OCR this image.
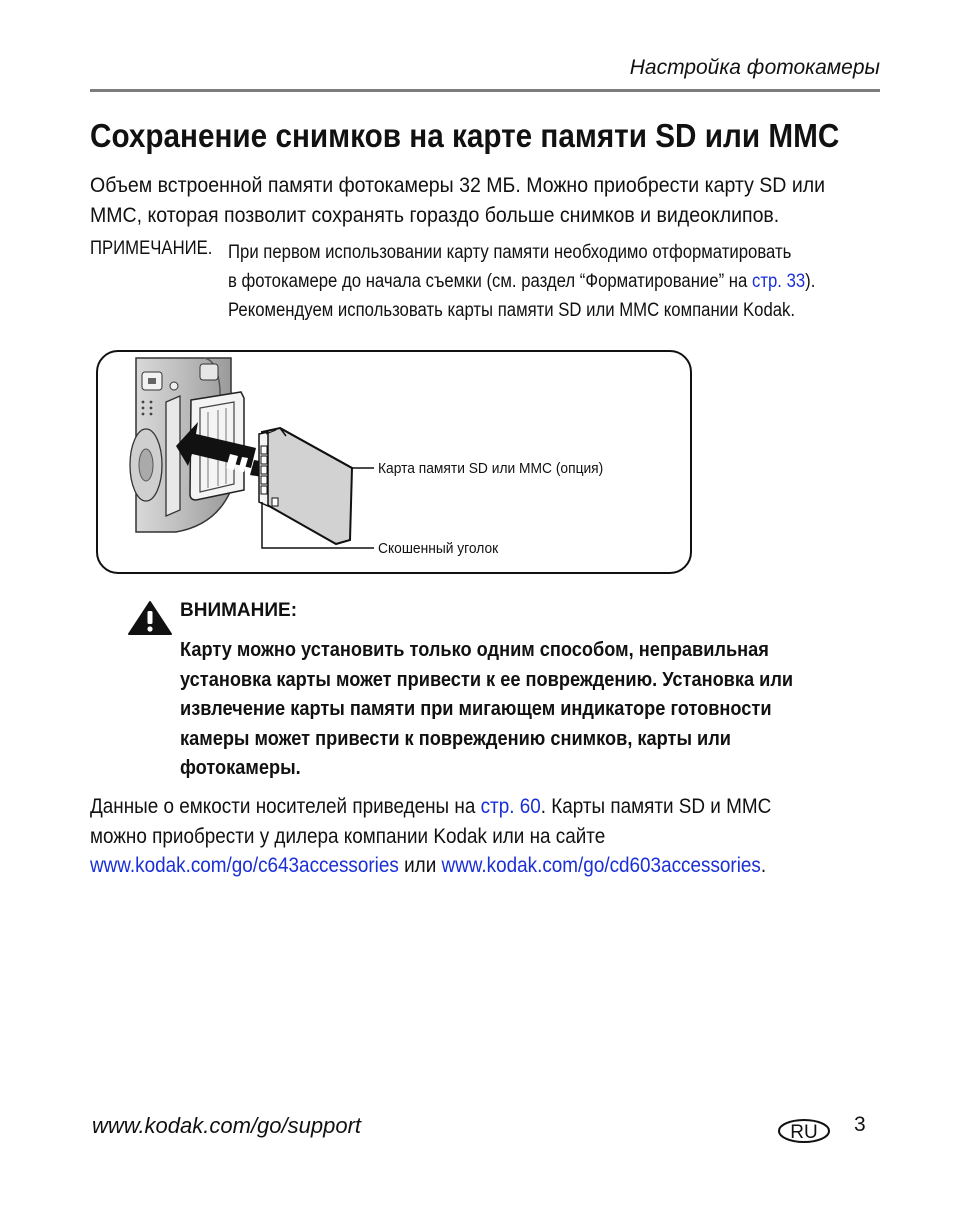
Настройка фотокамеры
Сохранение снимков на карте памяти SD или MMC
Объем встроенной памяти фотокамеры 32 МБ. Можно приобрести карту SD или
MMC, которая позволит сохранять гораздо больше снимков и видеоклипов.
ПРИМЕЧАНИЕ. При первом использовании карту памяти необходимо отформатировать
в фотокамере до начала съемки (см. раздел “Форматирование” на стр. 33).
Рекомендуем использовать карты памяти SD или MMC компании Kodak.
Карта памяти SD или MMC (опция)
Скошенный уголок
ВНИМАНИЕ:
Карту можно установить только одним способом, неправильная
установка карты может привести к ее повреждению. Установка или
извлечение карты памяти при мигающем индикаторе готовности
камеры может привести к повреждению снимков, карты или
фотокамеры.
Данные о емкости носителей приведены на стр. 60. Карты памяти SD и MMC
можно приобрести у дилера компании Kodak или на сайте
www.kodak.com/go/c643accessories или www.kodak.com/go/cd603accessories.
www.kodak.com/go/support	RU 3
